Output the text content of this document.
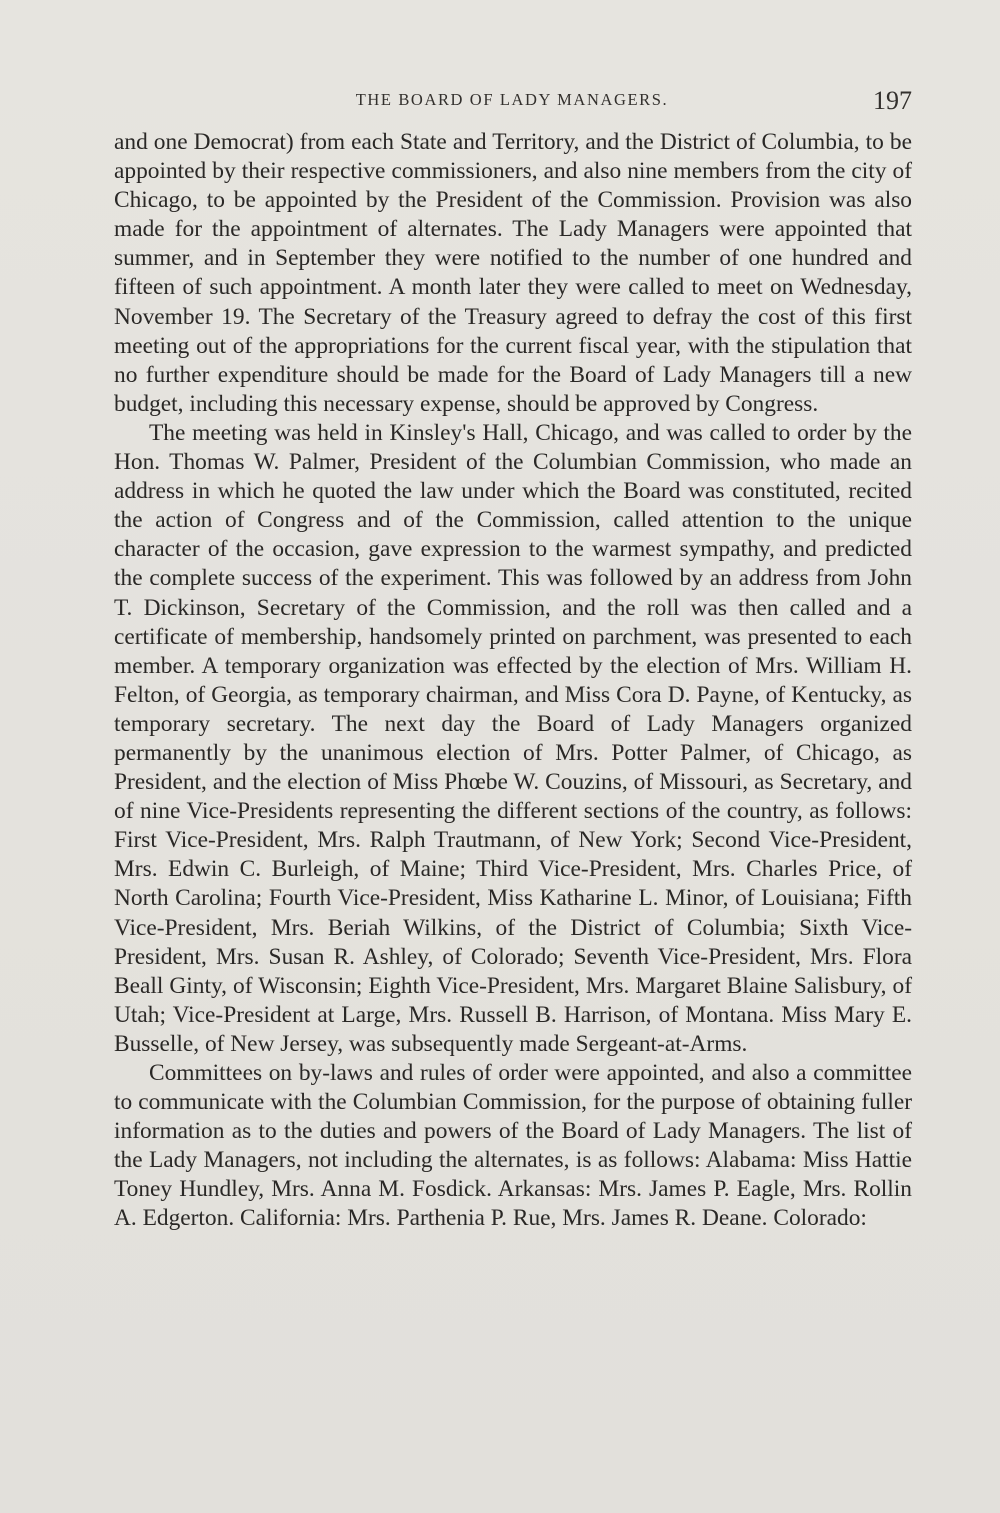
THE BOARD OF LADY MANAGERS.	197

and one Democrat) from each State and Territory, and the District of Columbia, to be appointed by their respective commissioners, and also nine members from the city of Chicago, to be appointed by the President of the Commission. Provision was also made for the appointment of alternates. The Lady Managers were appointed that summer, and in September they were notified to the number of one hundred and fifteen of such appointment. A month later they were called to meet on Wednesday, November 19. The Secretary of the Treasury agreed to defray the cost of this first meeting out of the appropriations for the current fiscal year, with the stipulation that no further expenditure should be made for the Board of Lady Managers till a new budget, including this necessary expense, should be approved by Congress.

The meeting was held in Kinsley's Hall, Chicago, and was called to order by the Hon. Thomas W. Palmer, President of the Columbian Commission, who made an address in which he quoted the law under which the Board was constituted, recited the action of Congress and of the Commission, called attention to the unique character of the occasion, gave expression to the warmest sympathy, and predicted the complete success of the experiment. This was followed by an address from John T. Dickinson, Secretary of the Commission, and the roll was then called and a certificate of membership, handsomely printed on parchment, was presented to each member. A temporary organization was effected by the election of Mrs. William H. Felton, of Georgia, as temporary chairman, and Miss Cora D. Payne, of Kentucky, as temporary secretary. The next day the Board of Lady Managers organized permanently by the unanimous election of Mrs. Potter Palmer, of Chicago, as President, and the election of Miss Phœbe W. Couzins, of Missouri, as Secretary, and of nine Vice-Presidents representing the different sections of the country, as follows: First Vice-President, Mrs. Ralph Trautmann, of New York; Second Vice-President, Mrs. Edwin C. Burleigh, of Maine; Third Vice-President, Mrs. Charles Price, of North Carolina; Fourth Vice-President, Miss Katharine L. Minor, of Louisiana; Fifth Vice-President, Mrs. Beriah Wilkins, of the District of Columbia; Sixth Vice-President, Mrs. Susan R. Ashley, of Colorado; Seventh Vice-President, Mrs. Flora Beall Ginty, of Wisconsin; Eighth Vice-President, Mrs. Margaret Blaine Salisbury, of Utah; Vice-President at Large, Mrs. Russell B. Harrison, of Montana. Miss Mary E. Busselle, of New Jersey, was subsequently made Sergeant-at-Arms.

Committees on by-laws and rules of order were appointed, and also a committee to communicate with the Columbian Commission, for the purpose of obtaining fuller information as to the duties and powers of the Board of Lady Managers. The list of the Lady Managers, not including the alternates, is as follows: Alabama: Miss Hattie Toney Hundley, Mrs. Anna M. Fosdick. Arkansas: Mrs. James P. Eagle, Mrs. Rollin A. Edgerton. California: Mrs. Parthenia P. Rue, Mrs. James R. Deane. Colorado:
